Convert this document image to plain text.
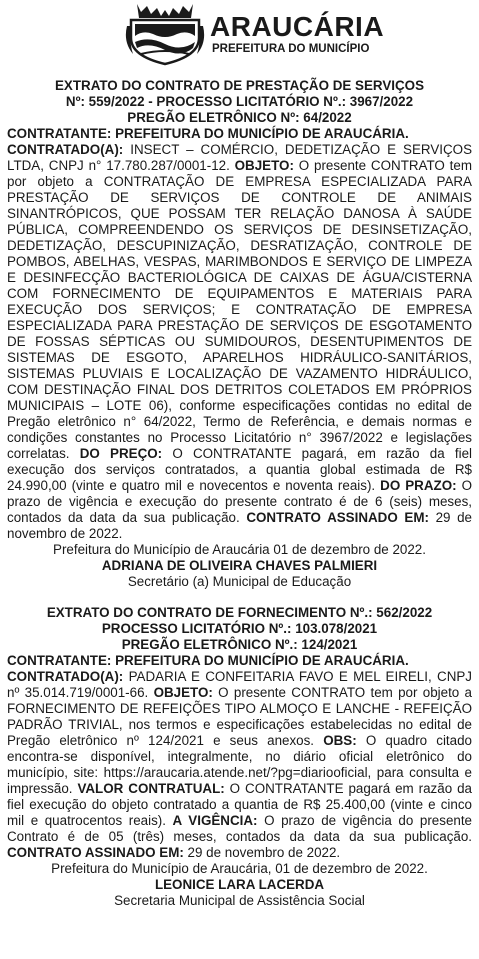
ARAUCÁRIA
PREFEITURA DO MUNICÍPIO

EXTRATO DO CONTRATO DE PRESTAÇÃO DE SERVIÇOS

Nº: 559/2022 - PROCESSO LICITATÓRIO Nº.: 3967/2022

PREGÃO ELETRÔNICO Nº: 64/2022

CONTRATANTE: PREFEITURA DO MUNICÍPIO DE ARAUCÁRIA.

CONTRATADO(A): INSECT – COMÉRCIO, DEDETIZAÇÃO E SERVIÇOS LTDA, CNPJ n° 17.780.287/0001-12. OBJETO: O presente CONTRATO tem por objeto a CONTRATAÇÃO DE EMPRESA ESPECIALIZADA PARA PRESTAÇÃO DE SERVIÇOS DE CONTROLE DE ANIMAIS SINANTRÓPICOS, QUE POSSAM TER RELAÇÃO DANOSA À SAÚDE PÚBLICA, COMPREENDENDO OS SERVIÇOS DE DESINSETIZAÇÃO, DEDETIZAÇÃO, DESCUPINIZAÇÃO, DESRATIZAÇÃO, CONTROLE DE POMBOS, ABELHAS, VESPAS, MARIMBONDOS E SERVIÇO DE LIMPEZA E DESINFECÇÃO BACTERIOLÓGICA DE CAIXAS DE ÁGUA/CISTERNA COM FORNECIMENTO DE EQUIPAMENTOS E MATERIAIS PARA EXECUÇÃO DOS SERVIÇOS; E CONTRATAÇÃO DE EMPRESA ESPECIALIZADA PARA PRESTAÇÃO DE SERVIÇOS DE ESGOTAMENTO DE FOSSAS SÉPTICAS OU SUMIDOUROS, DESENTUPIMENTOS DE SISTEMAS DE ESGOTO, APARELHOS HIDRÁULICO-SANITÁRIOS, SISTEMAS PLUVIAIS E LOCALIZAÇÃO DE VAZAMENTO HIDRÁULICO, COM DESTINAÇÃO FINAL DOS DETRITOS COLETADOS EM PRÓPRIOS MUNICIPAIS – LOTE 06), conforme especificações contidas no edital de Pregão eletrônico n° 64/2022, Termo de Referência, e demais normas e condições constantes no Processo Licitatório n° 3967/2022 e legislações correlatas. DO PREÇO: O CONTRATANTE pagará, em razão da fiel execução dos serviços contratados, a quantia global estimada de R$ 24.990,00 (vinte e quatro mil e novecentos e noventa reais). DO PRAZO: O prazo de vigência e execução do presente contrato é de 6 (seis) meses, contados da data da sua publicação. CONTRATO ASSINADO EM: 29 de novembro de 2022.

Prefeitura do Município de Araucária 01 de dezembro de 2022.

ADRIANA DE OLIVEIRA CHAVES PALMIERI

Secretário (a) Municipal de Educação

EXTRATO DO CONTRATO DE FORNECIMENTO Nº.: 562/2022

PROCESSO LICITATÓRIO Nº.: 103.078/2021

PREGÃO ELETRÔNICO Nº.: 124/2021

CONTRATANTE: PREFEITURA DO MUNICÍPIO DE ARAUCÁRIA.

CONTRATADO(A): PADARIA E CONFEITARIA FAVO E MEL EIRELI, CNPJ nº 35.014.719/0001-66. OBJETO: O presente CONTRATO tem por objeto a FORNECIMENTO DE REFEIÇÕES TIPO ALMOÇO E LANCHE - REFEIÇÃO PADRÃO TRIVIAL, nos termos e especificações estabelecidas no edital de Pregão eletrônico nº 124/2021 e seus anexos. OBS: O quadro citado encontra-se disponível, integralmente, no diário oficial eletrônico do município, site: https://araucaria.atende.net/?pg=diariooficial, para consulta e impressão. VALOR CONTRATUAL: O CONTRATANTE pagará em razão da fiel execução do objeto contratado a quantia de R$ 25.400,00 (vinte e cinco mil e quatrocentos reais). A VIGÊNCIA: O prazo de vigência do presente Contrato é de 05 (três) meses, contados da data da sua publicação. CONTRATO ASSINADO EM: 29 de novembro de 2022.

Prefeitura do Município de Araucária, 01 de dezembro de 2022.

LEONICE LARA LACERDA

Secretaria Municipal de Assistência Social
